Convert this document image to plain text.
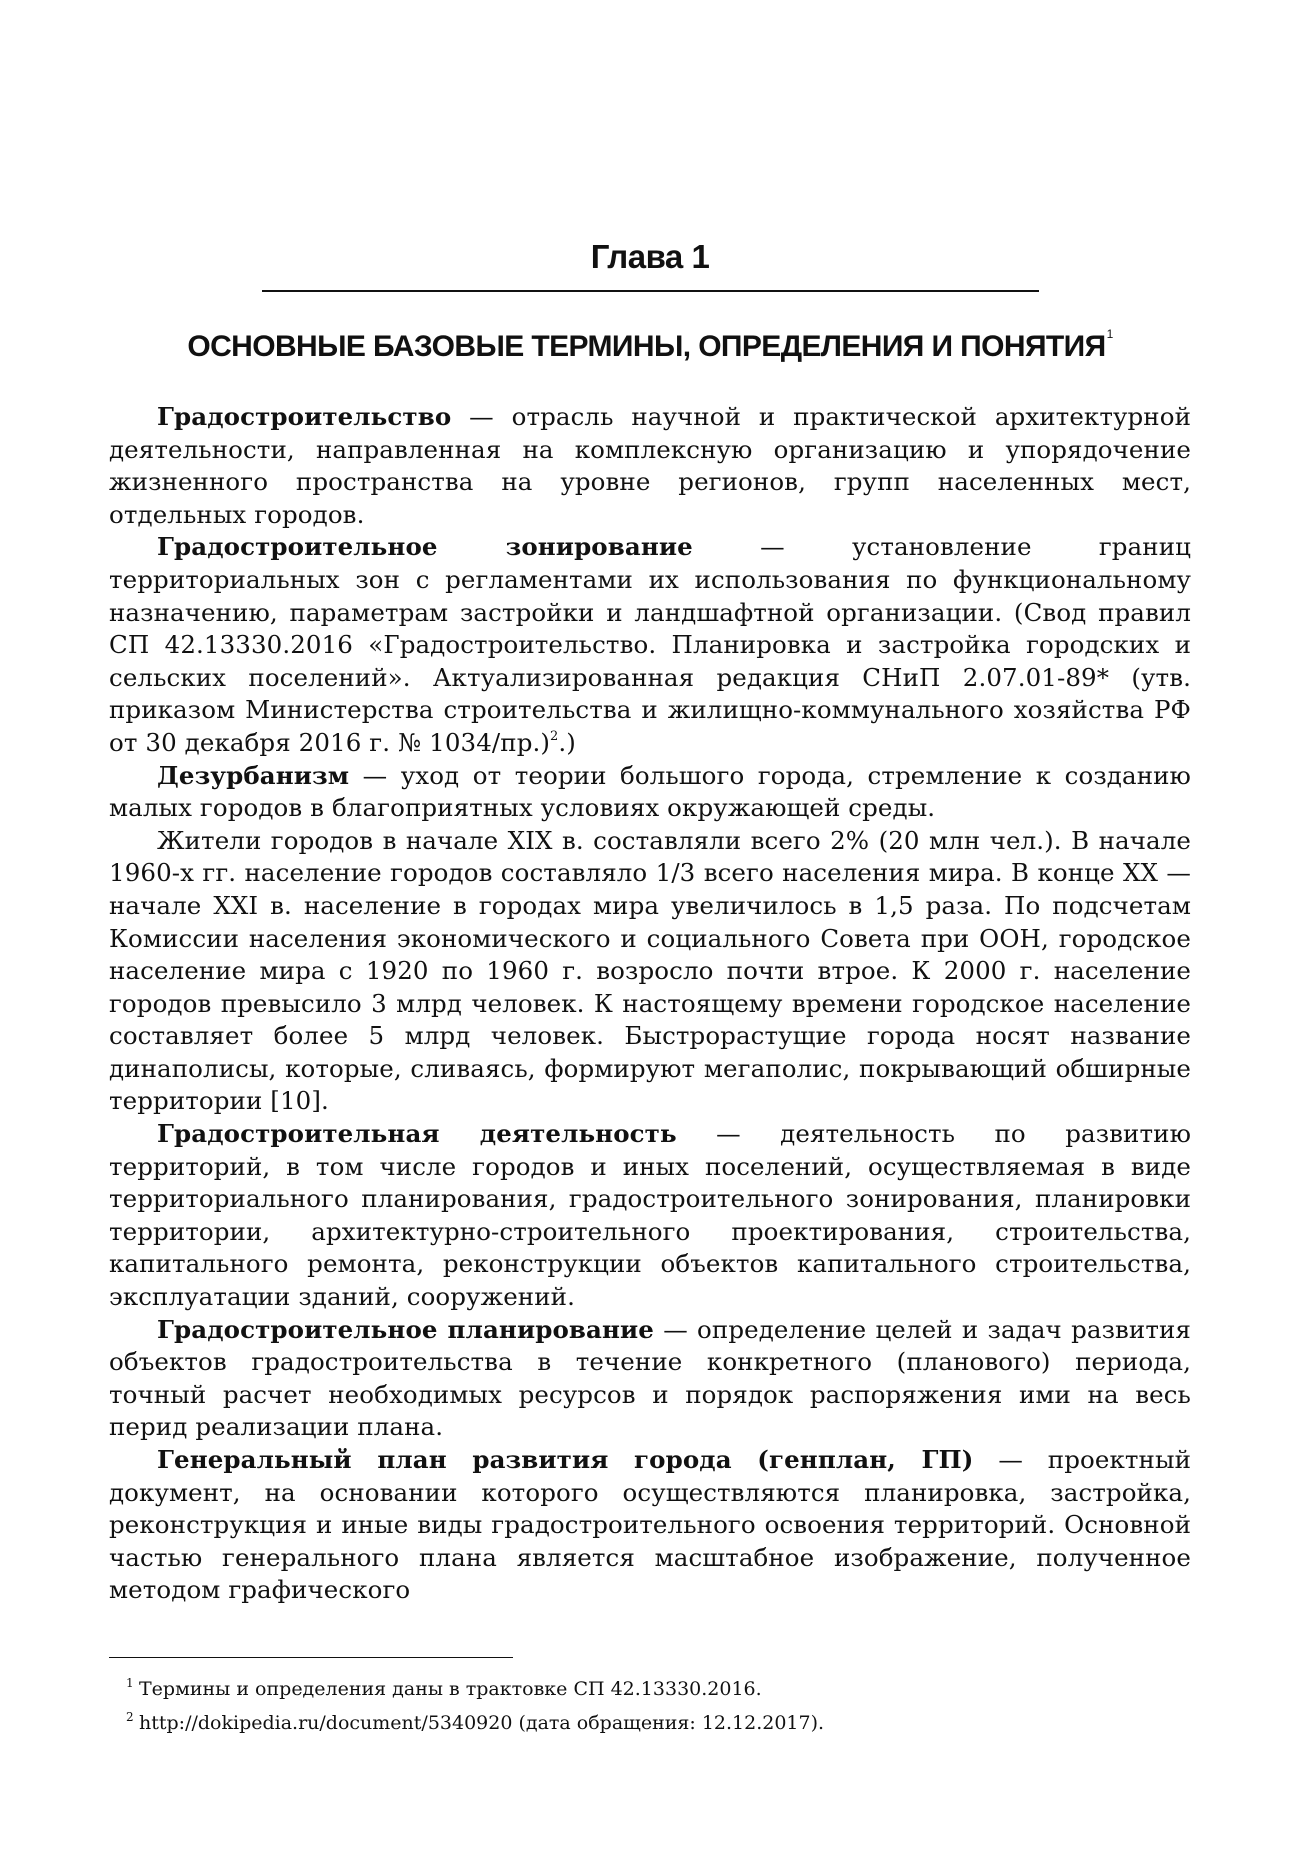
Глава 1
ОСНОВНЫЕ БАЗОВЫЕ ТЕРМИНЫ, ОПРЕДЕЛЕНИЯ И ПОНЯТИЯ$^1$

Градостроительство — отрасль научной и практической архитектурной деятельности, направленная на комплексную организацию и упорядочение жизненного пространства на уровне регионов, групп населенных мест, отдельных городов.

Градостроительное зонирование — установление границ территориальных зон с регламентами их использования по функциональному назначению, параметрам застройки и ландшафтной организации. (Свод правил СП 42.13330.2016 «Градостроительство. Планировка и застройка городских и сельских поселений». Актуализированная редакция СНиП 2.07.01-89* (утв. приказом Министерства строительства и жилищно-коммунального хозяйства РФ от 30 декабря 2016 г. № 1034/пр.)$^2$.)

Дезурбанизм — уход от теории большого города, стремление к созданию малых городов в благоприятных условиях окружающей среды.

Жители городов в начале XIX в. составляли всего 2% (20 млн чел.). В начале 1960-х гг. население городов составляло 1/3 всего населения мира. В конце XX — начале XXI в. население в городах мира увеличилось в 1,5 раза. По подсчетам Комиссии населения экономического и социального Совета при ООН, городское население мира с 1920 по 1960 г. возросло почти втрое. К 2000 г. население городов превысило 3 млрд человек. К настоящему времени городское население составляет более 5 млрд человек. Быстрорастущие города носят название динаполисы, которые, сливаясь, формируют мегаполис, покрывающий обширные территории [10].

Градостроительная деятельность — деятельность по развитию территорий, в том числе городов и иных поселений, осуществляемая в виде территориального планирования, градостроительного зонирования, планировки территории, архитектурно-строительного проектирования, строительства, капитального ремонта, реконструкции объектов капитального строительства, эксплуатации зданий, сооружений.

Градостроительное планирование — определение целей и задач развития объектов градостроительства в течение конкретного (планового) периода, точный расчет необходимых ресурсов и порядок распоряжения ими на весь перид реализации плана.

Генеральный план развития города (генплан, ГП) — проектный документ, на основании которого осуществляются планировка, застройка, реконструкция и иные виды градостроительного освоения территорий. Основной частью генерального плана является масштабное изображение, полученное методом графического

1 Термины и определения даны в трактовке СП 42.13330.2016.

2 http://dokipedia.ru/document/5340920 (дата обращения: 12.12.2017).
